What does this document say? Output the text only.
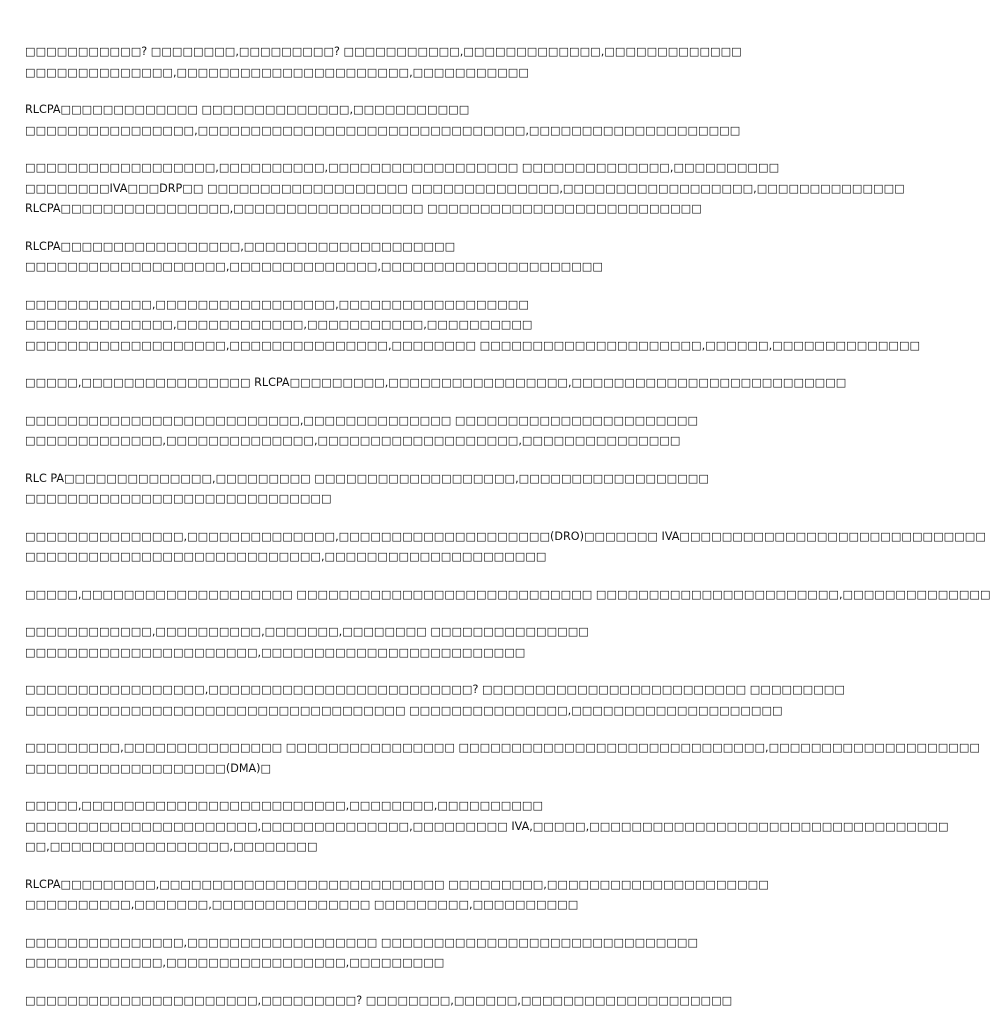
□□□□□□□□□□□? □□□□□□□□,□□□□□□□□□? □□□□□□□□□□□,□□□□□□□□□□□□□,□□□□□□□□□□□□□
□□□□□□□□□□□□□□,□□□□□□□□□□□□□□□□□□□□□□,□□□□□□□□□□□
RLCPA□□□□□□□□□□□□□ □□□□□□□□□□□□□□,□□□□□□□□□□□
□□□□□□□□□□□□□□□□,□□□□□□□□□□□□□□□□□□□□□□□□□□□□□□□,□□□□□□□□□□□□□□□□□□□□
□□□□□□□□□□□□□□□□□□,□□□□□□□□□□,□□□□□□□□□□□□□□□□□□ □□□□□□□□□□□□□□,□□□□□□□□□□
□□□□□□□□IVA□□□DRP□□ □□□□□□□□□□□□□□□□□□□ □□□□□□□□□□□□□□,□□□□□□□□□□□□□□□□□□,□□□□□□□□□□□□□□
RLCPA□□□□□□□□□□□□□□□□,□□□□□□□□□□□□□□□□□□ □□□□□□□□□□□□□□□□□□□□□□□□□□
RLCPA□□□□□□□□□□□□□□□□□,□□□□□□□□□□□□□□□□□□□□
□□□□□□□□□□□□□□□□□□□,□□□□□□□□□□□□□□,□□□□□□□□□□□□□□□□□□□□□
□□□□□□□□□□□□,□□□□□□□□□□□□□□□□□,□□□□□□□□□□□□□□□□□□
□□□□□□□□□□□□□□,□□□□□□□□□□□□,□□□□□□□□□□□,□□□□□□□□□□
□□□□□□□□□□□□□□□□□□□,□□□□□□□□□□□□□□□,□□□□□□□□ □□□□□□□□□□□□□□□□□□□□□,□□□□□□,□□□□□□□□□□□□□□
□□□□□,□□□□□□□□□□□□□□□□ RLCPA□□□□□□□□□,□□□□□□□□□□□□□□□□□,□□□□□□□□□□□□□□□□□□□□□□□□□□
□□□□□□□□□□□□□□□□□□□□□□□□□□,□□□□□□□□□□□□□□ □□□□□□□□□□□□□□□□□□□□□□□
□□□□□□□□□□□□□,□□□□□□□□□□□□□□,□□□□□□□□□□□□□□□□□□□,□□□□□□□□□□□□□□□
RLC PA□□□□□□□□□□□□□□,□□□□□□□□□ □□□□□□□□□□□□□□□□□□□,□□□□□□□□□□□□□□□□□□
□□□□□□□□□□□□□□□□□□□□□□□□□□□□□
□□□□□□□□□□□□□□□,□□□□□□□□□□□□□□,□□□□□□□□□□□□□□□□□□□□(DRO)□□□□□□□ IVA□□□□□□□□□□□□□□□□□□□□□□□□□□□□□
□□□□□□□□□□□□□□□□□□□□□□□□□□□□,□□□□□□□□□□□□□□□□□□□□□
□□□□□,□□□□□□□□□□□□□□□□□□□□ □□□□□□□□□□□□□□□□□□□□□□□□□□□□ □□□□□□□□□□□□□□□□□□□□□□□,□□□□□□□□□□□□□□
□□□□□□□□□□□□,□□□□□□□□□□,□□□□□□□,□□□□□□□□ □□□□□□□□□□□□□□□
□□□□□□□□□□□□□□□□□□□□□□,□□□□□□□□□□□□□□□□□□□□□□□□□
□□□□□□□□□□□□□□□□□,□□□□□□□□□□□□□□□□□□□□□□□□□? □□□□□□□□□□□□□□□□□□□□□□□□□ □□□□□□□□□
□□□□□□□□□□□□□□□□□□□□□□□□□□□□□□□□□□□□ □□□□□□□□□□□□□□□,□□□□□□□□□□□□□□□□□□□□
□□□□□□□□□,□□□□□□□□□□□□□□□ □□□□□□□□□□□□□□□□ □□□□□□□□□□□□□□□□□□□□□□□□□□□□□,□□□□□□□□□□□□□□□□□□□□
□□□□□□□□□□□□□□□□□□□(DMA)□
□□□□□,□□□□□□□□□□□□□□□□□□□□□□□□□,□□□□□□□□,□□□□□□□□□□
□□□□□□□□□□□□□□□□□□□□□□,□□□□□□□□□□□□□□,□□□□□□□□□ IVA,□□□□□,□□□□□□□□□□□□□□□□□□□□□□□□□□□□□□□□□□
□□,□□□□□□□□□□□□□□□□□,□□□□□□□□
RLCPA□□□□□□□□□,□□□□□□□□□□□□□□□□□□□□□□□□□□□ □□□□□□□□□,□□□□□□□□□□□□□□□□□□□□□
□□□□□□□□□□,□□□□□□□,□□□□□□□□□□□□□□□ □□□□□□□□□,□□□□□□□□□□
□□□□□□□□□□□□□□□,□□□□□□□□□□□□□□□□□□ □□□□□□□□□□□□□□□□□□□□□□□□□□□□□□
□□□□□□□□□□□□□,□□□□□□□□□□□□□□□□□,□□□□□□□□□
□□□□□□□□□□□□□□□□□□□□□□,□□□□□□□□□? □□□□□□□□,□□□□□□,□□□□□□□□□□□□□□□□□□□□
